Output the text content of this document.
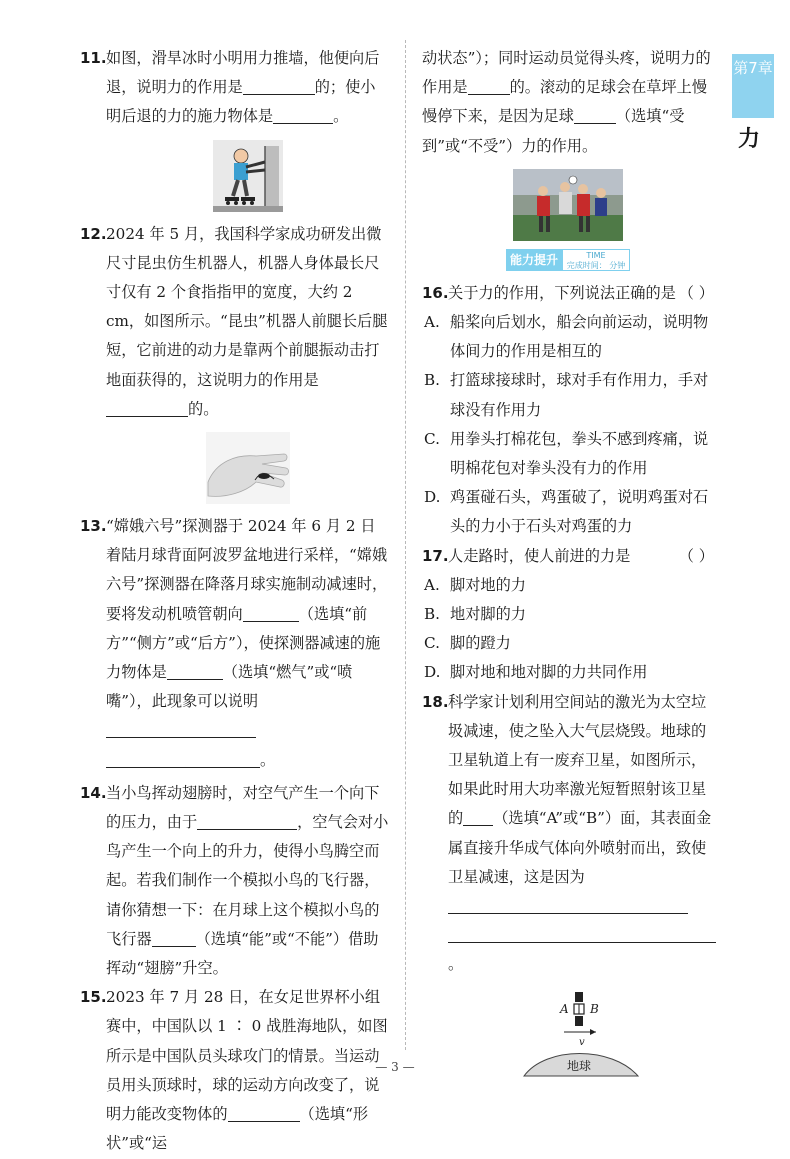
第7章
力
11. 如图，滑旱冰时小明用力推墙，他便向后退，说明力的作用是	的；使小明后退的力的施力物体是	。
12. 2024 年 5 月，我国科学家成功研发出微尺寸昆虫仿生机器人，机器人身体最长尺寸仅有 2 个食指指甲的宽度，大约 2 cm，如图所示。“昆虫”机器人前腿长后腿短，它前进的动力是靠两个前腿振动击打地面获得的，这说明力的作用是的。
13. “嫦娥六号”探测器于 2024 年 6 月 2 日着陆月球背面阿波罗盆地进行采样，“嫦娥六号”探测器在降落月球实施制动减速时，要将发动机喷管朝向	（选填“前方”“侧方”或“后方”），使探测器减速的施力物体是	（选填“燃气”或“喷嘴”），此现象可以说明 。
14. 当小鸟挥动翅膀时，对空气产生一个向下的压力，由于	，空气会对小鸟产生一个向上的升力，使得小鸟腾空而起。若我们制作一个模拟小鸟的飞行器，请你猜想一下：在月球上这个模拟小鸟的飞行器	（选填“能”或“不能”）借助挥动“翅膀”升空。
15. 2023 年 7 月 28 日，在女足世界杯小组赛中，中国队以 1 ∶ 0 战胜海地队，如图所示是中国队员头球攻门的情景。当运动员用头顶球时，球的运动方向改变了，说明力能改变物体的	（选填“形状”或“运
动状态”）；同时运动员觉得头疼，说明力的作用是	的。滚动的足球会在草坪上慢慢停下来，是因为足球	（选填“受到”或“不受”）力的作用。
能力提升	TIME
完成时间： 分钟
16. 关于力的作用，下列说法正确的是 （ ）
A. 船桨向后划水，船会向前运动，说明物体间力的作用是相互的
B. 打篮球接球时，球对手有作用力，手对球没有作用力
C. 用拳头打棉花包，拳头不感到疼痛，说明棉花包对拳头没有力的作用
D. 鸡蛋碰石头，鸡蛋破了，说明鸡蛋对石头的力小于石头对鸡蛋的力
17. 人走路时，使人前进的力是	（ ）
A. 脚对地的力
B. 地对脚的力
C. 脚的蹬力
D. 脚对地和地对脚的力共同作用
18. 科学家计划利用空间站的激光为太空垃圾减速，使之坠入大气层烧毁。地球的卫星轨道上有一废弃卫星，如图所示，如果此时用大功率激光短暂照射该卫星的 （选填“A”或“B”）面，其表面金属直接升华成气体向外喷射而出，致使卫星减速，这是因为 。
A B
v
地球
— 3 —
